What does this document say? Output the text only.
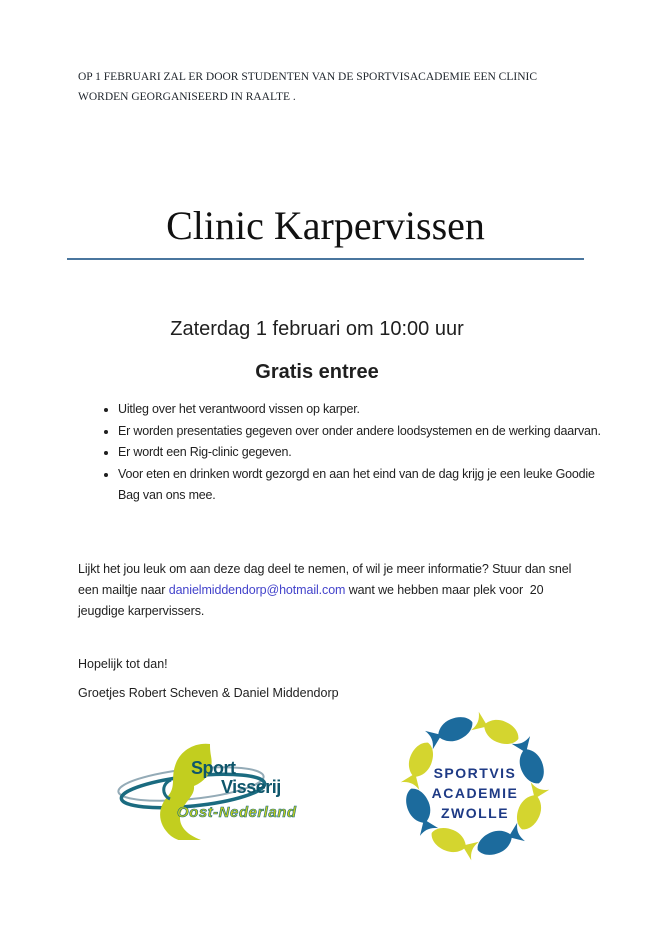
OP 1 FEBRUARI ZAL ER DOOR STUDENTEN VAN DE SPORTVISACADEMIE EEN CLINIC WORDEN GEORGANISEERD IN RAALTE .

Clinic Karpervissen
Zaterdag 1 februari om 10:00 uur
Gratis entree
• Uitleg over het verantwoord vissen op karper.
• Er worden presentaties gegeven over onder andere loodsystemen en de werking daarvan.
• Er wordt een Rig-clinic gegeven.
• Voor eten en drinken wordt gezorgd en aan het eind van de dag krijg je een leuke Goodie Bag van ons mee.

Lijkt het jou leuk om aan deze dag deel te nemen, of wil je meer informatie? Stuur dan snel een mailtje naar danielmiddendorp@hotmail.com want we hebben maar plek voor  20 jeugdige karpervissers.

Hopelijk tot dan!

Groetjes Robert Scheven & Daniel Middendorp

Sport
Visserij
Oost-Nederland
SPORTVIS
ACADEMIE
ZWOLLE
